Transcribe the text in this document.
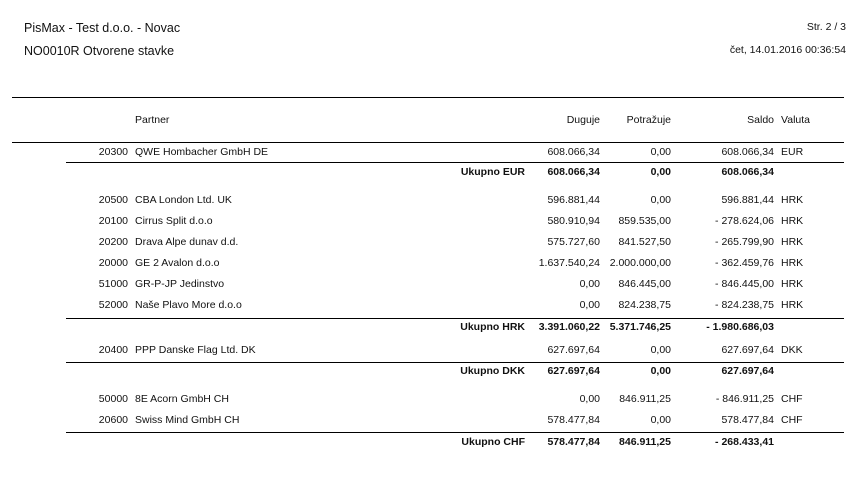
PisMax - Test d.o.o. - Novac
NO0010R Otvorene stavke
Str. 2 / 3
čet, 14.01.2016 00:36:54
Partner	Duguje	Potražuje	Saldo Valuta
20300 QWE Hombacher GmbH DE	608.066,34	0,00	608.066,34 EUR
Ukupno EUR 608.066,34	0,00	608.066,34
20500 CBA London Ltd. UK	596.881,44	0,00	596.881,44 HRK
20100 Cirrus Split d.o.o	580.910,94 859.535,00	- 278.624,06 HRK
20200 Drava Alpe dunav d.d.	575.727,60 841.527,50	- 265.799,90 HRK
20000 GE 2 Avalon d.o.o	1.637.540,24 2.000.000,00	- 362.459,76 HRK
51000 GR-P-JP Jedinstvo	0,00 846.445,00	- 846.445,00 HRK
52000 Naše Plavo More d.o.o	0,00 824.238,75	- 824.238,75 HRK
Ukupno HRK 3.391.060,22 5.371.746,25	- 1.980.686,03
20400 PPP Danske Flag Ltd. DK	627.697,64	0,00	627.697,64 DKK
Ukupno DKK 627.697,64	0,00	627.697,64
50000 8E Acorn GmbH CH	0,00 846.911,25	- 846.911,25 CHF
20600 Swiss Mind GmbH CH	578.477,84	0,00	578.477,84 CHF
Ukupno CHF 578.477,84 846.911,25	- 268.433,41
